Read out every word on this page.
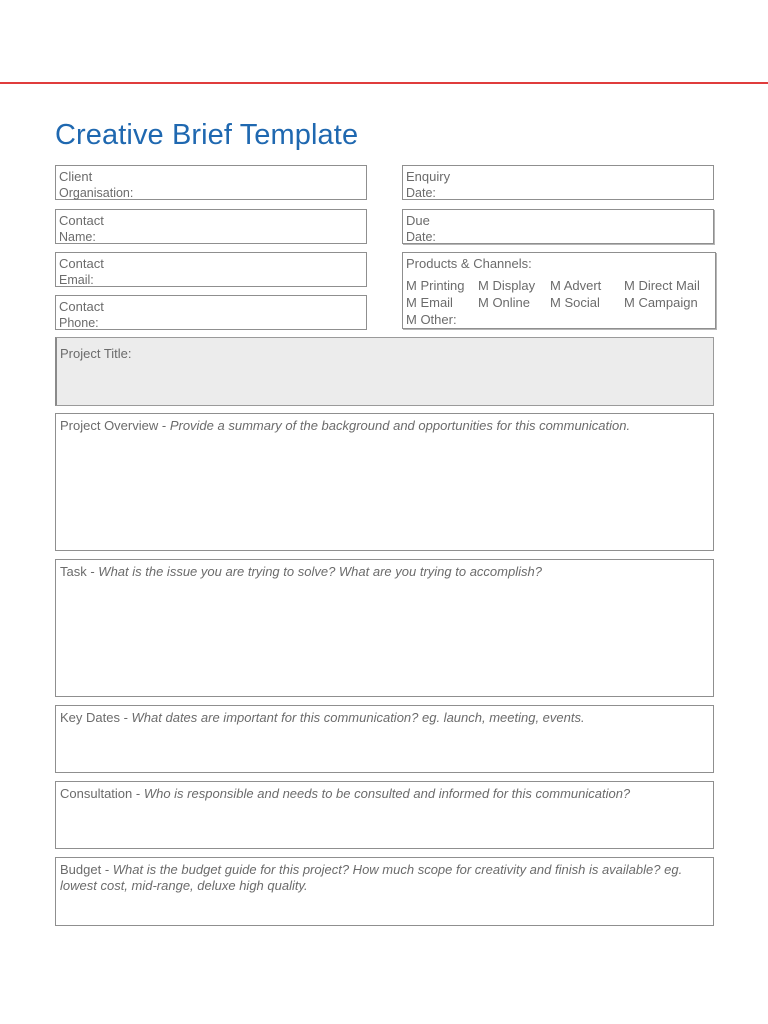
Creative Brief Template
Client
Organisation:
Contact
Name:
Contact
Email:
Contact
Phone:
Enquiry
Date:
Due
Date:
Products & Channels:
M Printing	M Display	M Advert	M Direct Mail
M Email	M Online	M Social	M Campaign
M Other:
Project Title:
Project Overview - Provide a summary of the background and opportunities for this communication.
Task - What is the issue you are trying to solve? What are you trying to accomplish?
Key Dates - What dates are important for this communication? eg. launch, meeting, events.
Consultation - Who is responsible and needs to be consulted and informed for this communication?
Budget - What is the budget guide for this project? How much scope for creativity and finish is available? eg. lowest cost, mid-range, deluxe high quality.
